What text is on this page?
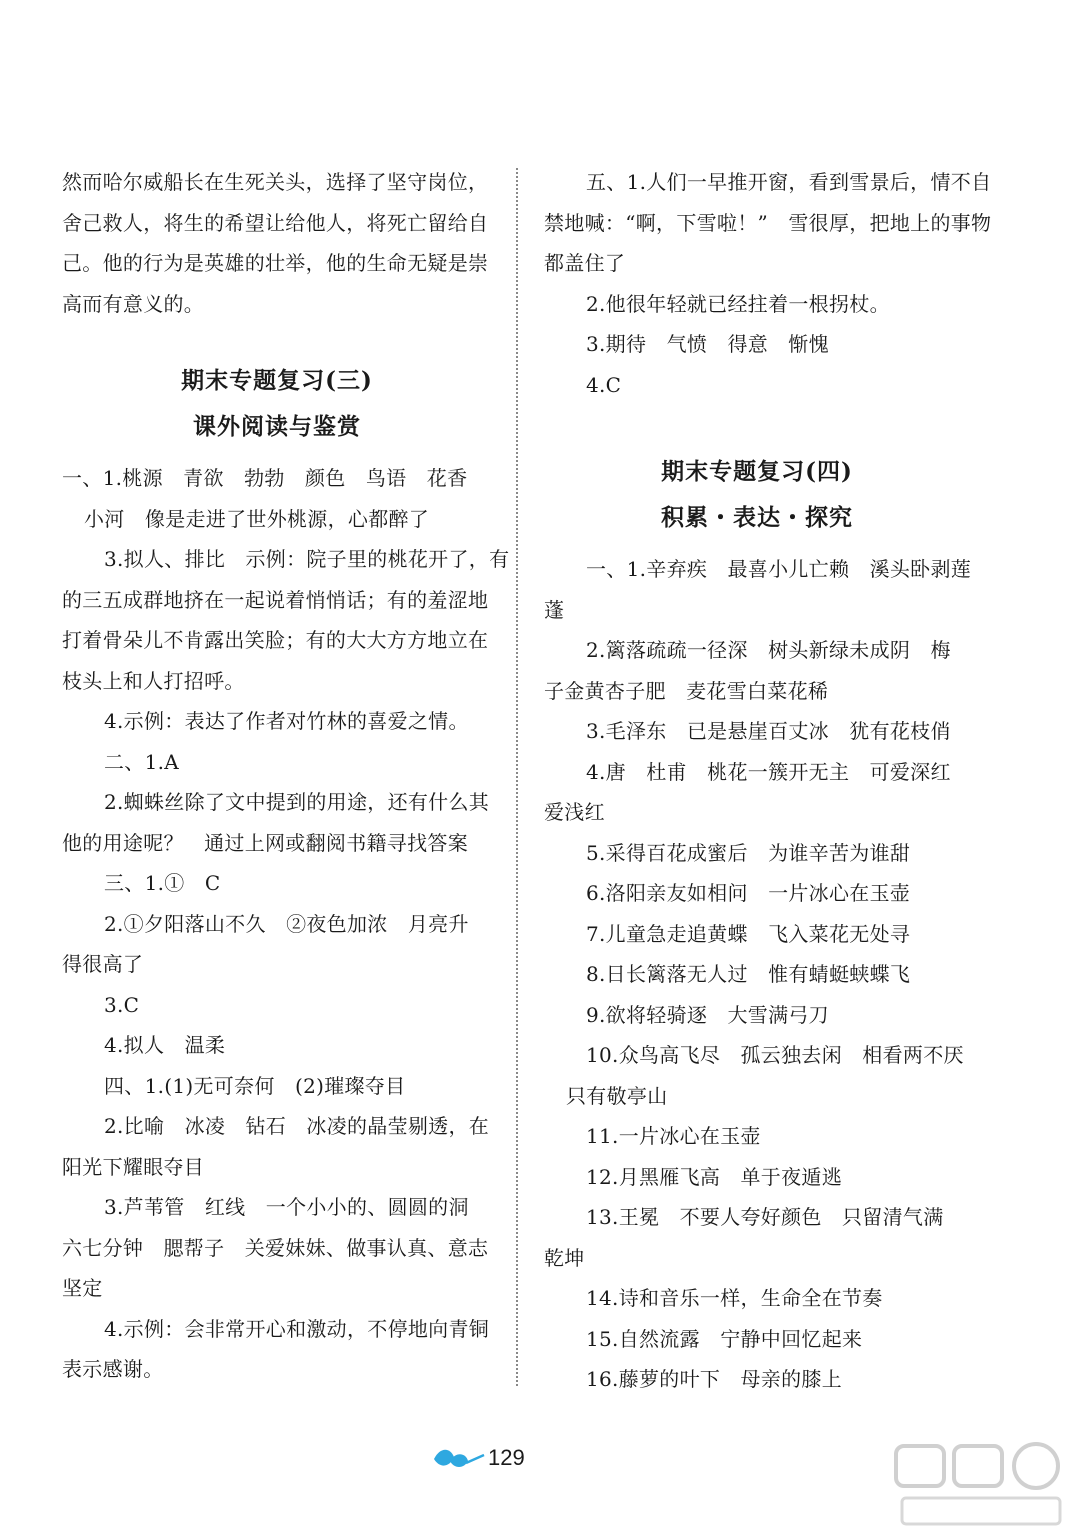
然而哈尔威船长在生死关头，选择了坚守岗位，
舍己救人，将生的希望让给他人，将死亡留给自
己。他的行为是英雄的壮举，他的生命无疑是崇
高而有意义的。
期末专题复习(三)
课外阅读与鉴赏
一、1.桃源　青欲　勃勃　颜色　鸟语　花香
小河　像是走进了世外桃源，心都醉了
3.拟人、排比　示例：院子里的桃花开了，有
的三五成群地挤在一起说着悄悄话；有的羞涩地
打着骨朵儿不肯露出笑脸；有的大大方方地立在
枝头上和人打招呼。
4.示例：表达了作者对竹林的喜爱之情。
二、1.A
2.蜘蛛丝除了文中提到的用途，还有什么其
他的用途呢？　通过上网或翻阅书籍寻找答案
三、1.①　C
2.①夕阳落山不久　②夜色加浓　月亮升
得很高了
3.C
4.拟人　温柔
四、1.(1)无可奈何　(2)璀璨夺目
2.比喻　冰凌　钻石　冰凌的晶莹剔透，在
阳光下耀眼夺目
3.芦苇管　红线　一个小小的、圆圆的洞
六七分钟　腮帮子　关爱妹妹、做事认真、意志
坚定
4.示例：会非常开心和激动，不停地向青铜
表示感谢。
五、1.人们一早推开窗，看到雪景后，情不自
禁地喊：“啊，下雪啦！”　雪很厚，把地上的事物
都盖住了
2.他很年轻就已经拄着一根拐杖。
3.期待　气愤　得意　惭愧
4.C
期末专题复习(四)
积累・表达・探究
一、1.辛弃疾　最喜小儿亡赖　溪头卧剥莲
蓬
2.篱落疏疏一径深　树头新绿未成阴　梅
子金黄杏子肥　麦花雪白菜花稀
3.毛泽东　已是悬崖百丈冰　犹有花枝俏
4.唐　杜甫　桃花一簇开无主　可爱深红
爱浅红
5.采得百花成蜜后　为谁辛苦为谁甜
6.洛阳亲友如相问　一片冰心在玉壶
7.儿童急走追黄蝶　飞入菜花无处寻
8.日长篱落无人过　惟有蜻蜓蛱蝶飞
9.欲将轻骑逐　大雪满弓刀
10.众鸟高飞尽　孤云独去闲　相看两不厌
只有敬亭山
11.一片冰心在玉壶
12.月黑雁飞高　单于夜遁逃
13.王冕　不要人夸好颜色　只留清气满
乾坤
14.诗和音乐一样，生命全在节奏
15.自然流露　宁静中回忆起来
16.藤萝的叶下　母亲的膝上
129
